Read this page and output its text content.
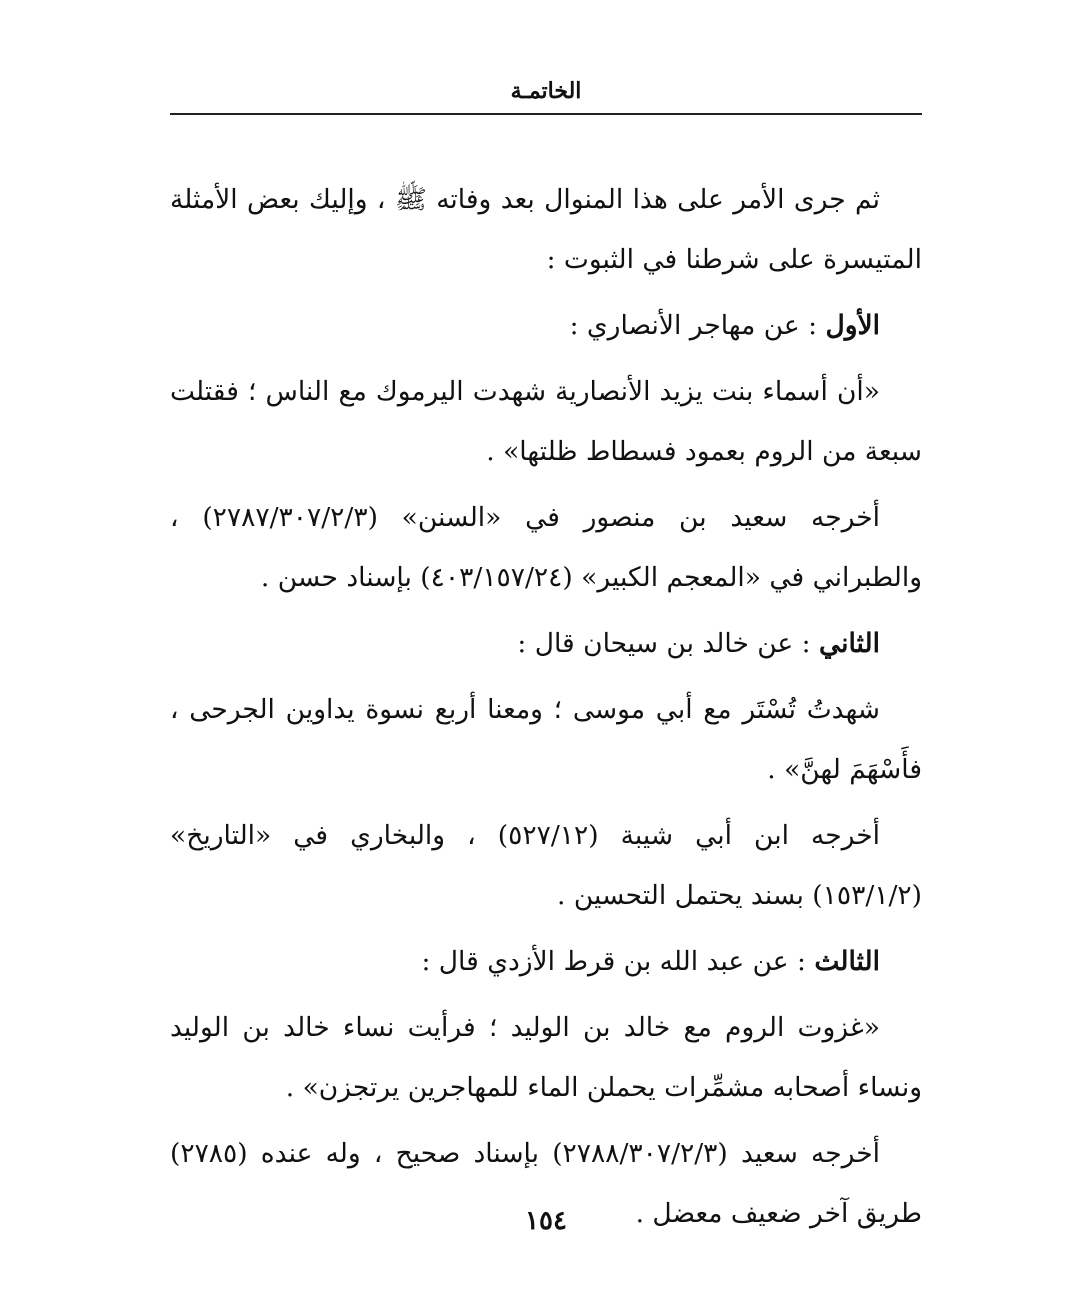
الخاتمـة

ثم جرى الأمر على هذا المنوال بعد وفاته ﷺ ، وإليك بعض الأمثلة المتيسرة على شرطنا في الثبوت :

الأول : عن مهاجر الأنصاري :

«أن أسماء بنت يزيد الأنصارية شهدت اليرموك مع الناس ؛ فقتلت سبعة من الروم بعمود فسطاط ظلتها» .

أخرجه سعيد بن منصور في «السنن» (٢٧٨٧/٣٠٧/٢/٣) ، والطبراني في «المعجم الكبير» (٤٠٣/١٥٧/٢٤) بإسناد حسن .

الثاني : عن خالد بن سيحان قال :

شهدتُ تُسْتَر مع أبي موسى ؛ ومعنا أربع نسوة يداوين الجرحى ، فأَسْهَمَ لهنَّ» .

أخرجه ابن أبي شيبة (٥٢٧/١٢) ، والبخاري في «التاريخ» (١٥٣/١/٢) بسند يحتمل التحسين .

الثالث : عن عبد الله بن قرط الأزدي قال :

«غزوت الروم مع خالد بن الوليد ؛ فرأيت نساء خالد بن الوليد ونساء أصحابه مشمِّرات يحملن الماء للمهاجرين يرتجزن» .

أخرجه سعيد (٢٧٨٨/٣٠٧/٢/٣) بإسناد صحيح ، وله عنده (٢٧٨٥) طريق آخر ضعيف معضل .

١٥٤
